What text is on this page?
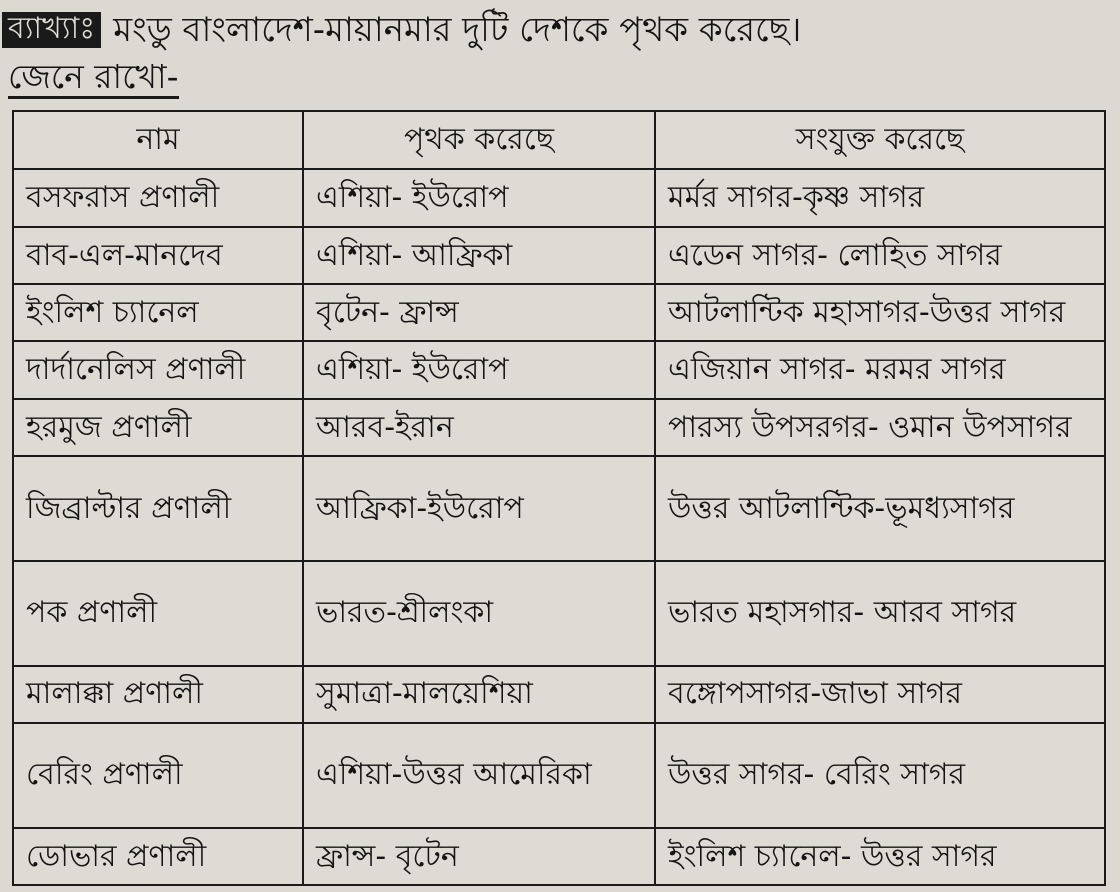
ব্যাখ্যাঃ মংডু বাংলাদেশ-মায়ানমার দুটি দেশকে পৃথক করেছে।
জেনে রাখো-
নাম	পৃথক করেছে	সংযুক্ত করেছে
বসফরাস প্রণালী	এশিয়া- ইউরোপ	মর্মর সাগর-কৃষ্ণ সাগর
বাব-এল-মানদেব	এশিয়া- আফ্রিকা	এডেন সাগর- লোহিত সাগর
ইংলিশ চ্যানেল	বৃটেন- ফ্রান্স	আটলান্টিক মহাসাগর-উত্তর সাগর
দার্দানেলিস প্রণালী	এশিয়া- ইউরোপ	এজিয়ান সাগর- মরমর সাগর
হরমুজ প্রণালী	আরব-ইরান	পারস্য উপসরগর- ওমান উপসাগর
জিব্রাল্টার প্রণালী	আফ্রিকা-ইউরোপ	উত্তর আটলান্টিক-ভূমধ্যসাগর
পক প্রণালী	ভারত-শ্রীলংকা	ভারত মহাসগার- আরব সাগর
মালাক্কা প্রণালী	সুমাত্রা-মালয়েশিয়া	বঙ্গোপসাগর-জাভা সাগর
বেরিং প্রণালী	এশিয়া-উত্তর আমেরিকা	উত্তর সাগর- বেরিং সাগর
ডোভার প্রণালী	ফ্রান্স- বৃটেন	ইংলিশ চ্যানেল- উত্তর সাগর
